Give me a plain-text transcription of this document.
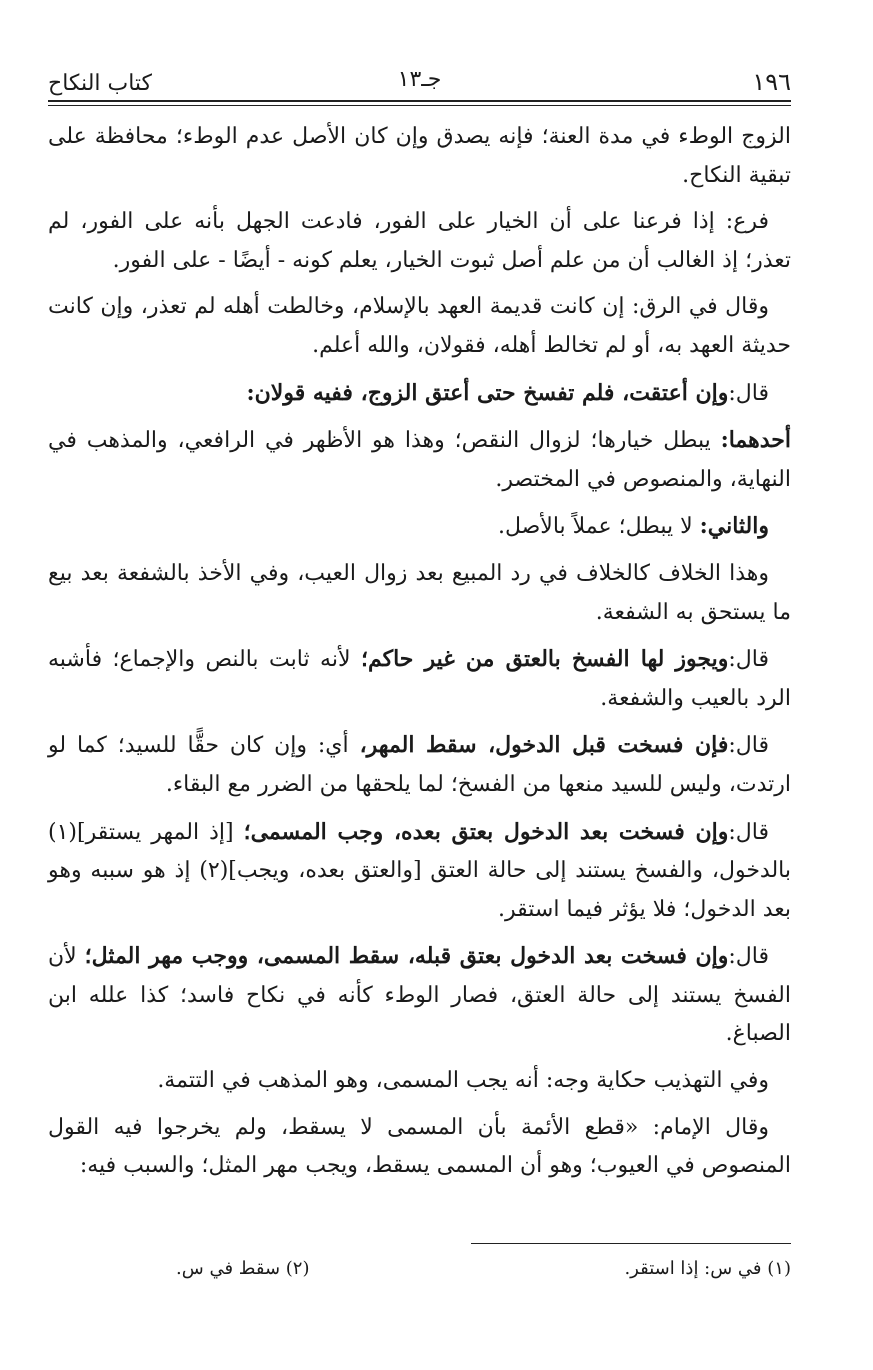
١٩٦
جـ١٣
كتاب النكاح

الزوج الوطء في مدة العنة؛ فإنه يصدق وإن كان الأصل عدم الوطء؛ محافظة على تبقية النكاح.

فرع: إذا فرعنا على أن الخيار على الفور، فادعت الجهل بأنه على الفور، لم تعذر؛ إذ الغالب أن من علم أصل ثبوت الخيار، يعلم كونه - أيضًا - على الفور.

وقال في الرق: إن كانت قديمة العهد بالإسلام، وخالطت أهله لم تعذر، وإن كانت حديثة العهد به، أو لم تخالط أهله، فقولان، والله أعلم.

قال:وإن أعتقت، فلم تفسخ حتى أعتق الزوج، ففيه قولان:

أحدهما: يبطل خيارها؛ لزوال النقص؛ وهذا هو الأظهر في الرافعي، والمذهب في النهاية، والمنصوص في المختصر.

والثاني: لا يبطل؛ عملاً بالأصل.

وهذا الخلاف كالخلاف في رد المبيع بعد زوال العيب، وفي الأخذ بالشفعة بعد بيع ما يستحق به الشفعة.

قال:ويجوز لها الفسخ بالعتق من غير حاكم؛ لأنه ثابت بالنص والإجماع؛ فأشبه الرد بالعيب والشفعة.

قال:فإن فسخت قبل الدخول، سقط المهر، أي: وإن كان حقًّا للسيد؛ كما لو ارتدت، وليس للسيد منعها من الفسخ؛ لما يلحقها من الضرر مع البقاء.

قال:وإن فسخت بعد الدخول بعتق بعده، وجب المسمى؛ [إذ المهر يستقر](١) بالدخول، والفسخ يستند إلى حالة العتق [والعتق بعده، ويجب](٢) إذ هو سببه وهو بعد الدخول؛ فلا يؤثر فيما استقر.

قال:وإن فسخت بعد الدخول بعتق قبله، سقط المسمى، ووجب مهر المثل؛ لأن الفسخ يستند إلى حالة العتق، فصار الوطء كأنه في نكاح فاسد؛ كذا علله ابن الصباغ.

وفي التهذيب حكاية وجه: أنه يجب المسمى، وهو المذهب في التتمة.

وقال الإمام: «قطع الأئمة بأن المسمى لا يسقط، ولم يخرجوا فيه القول المنصوص في العيوب؛ وهو أن المسمى يسقط، ويجب مهر المثل؛ والسبب فيه:

(١) في س: إذا استقر.
(٢) سقط في س.
